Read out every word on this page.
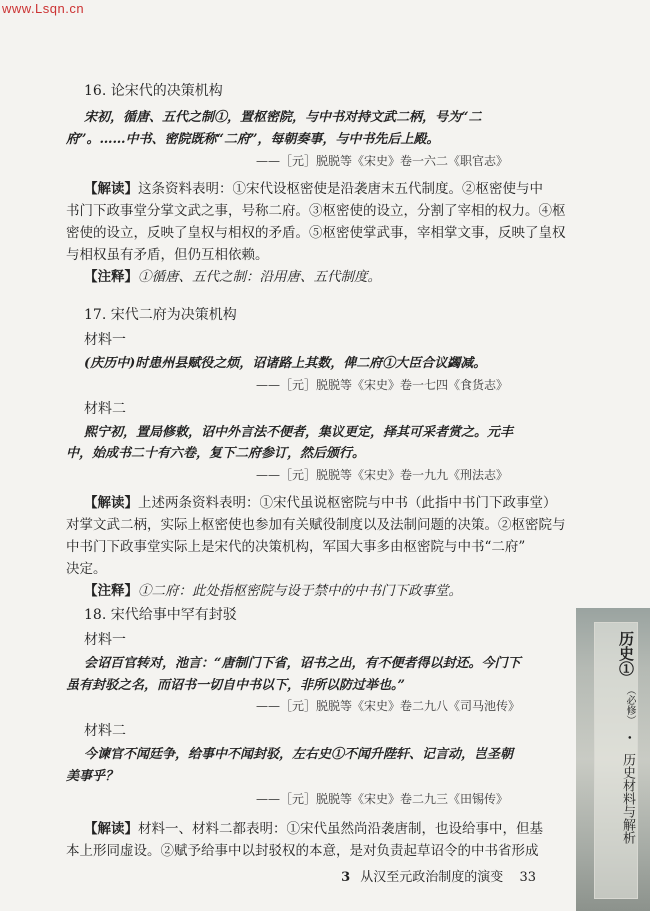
www.Lsqn.cn
16. 论宋代的决策机构
宋初，循唐、五代之制①，置枢密院，与中书对持文武二柄，号为“二
府”。……中书、密院既称“二府”，每朝奏事，与中书先后上殿。
——［元］脱脱等《宋史》卷一六二《职官志》
【解读】这条资料表明：①宋代设枢密使是沿袭唐末五代制度。②枢密使与中
书门下政事堂分掌文武之事，号称二府。③枢密使的设立，分割了宰相的权力。④枢
密使的设立，反映了皇权与相权的矛盾。⑤枢密使掌武事，宰相掌文事，反映了皇权
与相权虽有矛盾，但仍互相依赖。
【注释】①循唐、五代之制：沿用唐、五代制度。
17. 宋代二府为决策机构
材料一
(庆历中)时患州县赋役之烦，诏诸路上其数，俾二府①大臣合议蠲减。
——［元］脱脱等《宋史》卷一七四《食货志》
材料二
熙宁初，置局修敕，诏中外言法不便者，集议更定，择其可采者赏之。元丰
中，始成书二十有六卷，复下二府参订，然后颁行。
——［元］脱脱等《宋史》卷一九九《刑法志》
【解读】上述两条资料表明：①宋代虽说枢密院与中书（此指中书门下政事堂）
对掌文武二柄，实际上枢密使也参加有关赋役制度以及法制问题的决策。②枢密院与
中书门下政事堂实际上是宋代的决策机构，军国大事多由枢密院与中书“二府”
决定。
【注释】①二府：此处指枢密院与设于禁中的中书门下政事堂。
18. 宋代给事中罕有封驳
材料一
会诏百官转对，池言：“唐制门下省，诏书之出，有不便者得以封还。今门下
虽有封驳之名，而诏书一切自中书以下，非所以防过举也。”
——［元］脱脱等《宋史》卷二九八《司马池传》
材料二
今谏官不闻廷争，给事中不闻封驳，左右史①不闻升陛轩、记言动，岂圣朝
美事乎？
——［元］脱脱等《宋史》卷二九三《田锡传》
【解读】材料一、材料二都表明：①宋代虽然尚沿袭唐制，也设给事中，但基
本上形同虚设。②赋予给事中以封驳权的本意，是对负责起草诏令的中书省形成
3 从汉至元政治制度的演变 33
历史①
（必修）
·
历史材料与解析
